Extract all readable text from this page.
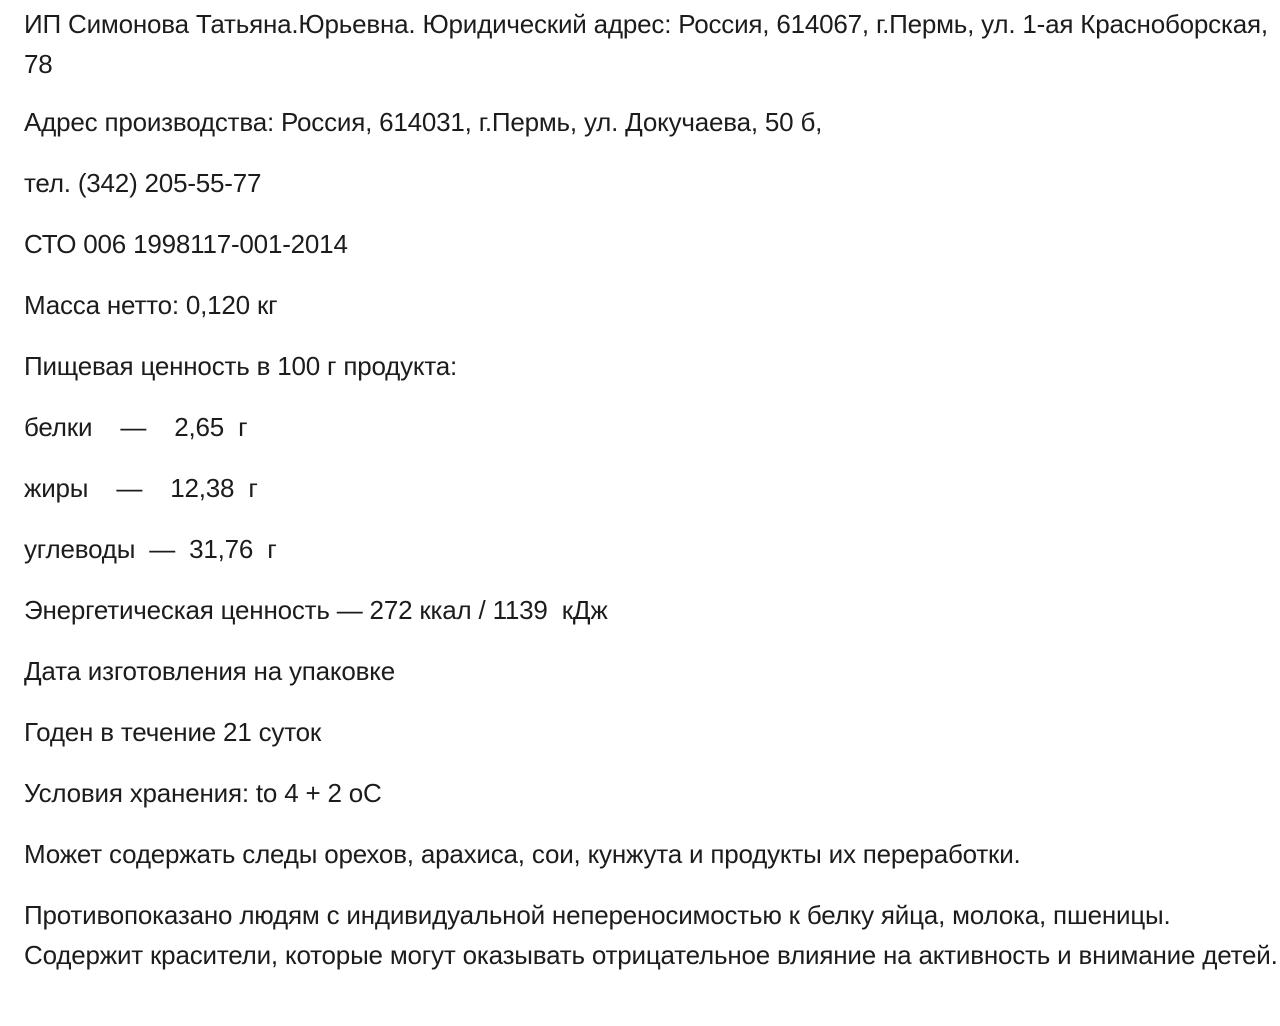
ИП Симонова Татьяна.Юрьевна. Юридический адрес: Россия, 614067, г.Пермь, ул. 1-ая Красноборская, 78

Адрес производства: Россия, 614031, г.Пермь, ул. Докучаева, 50 б,

тел. (342) 205-55-77

СТО 006 1998117-001-2014

Масса нетто: 0,120 кг

Пищевая ценность в 100 г продукта:

белки    —    2,65  г

жиры    —    12,38  г

углеводы  —  31,76  г

Энергетическая ценность — 272 ккал / 1139  кДж

Дата изготовления на упаковке

Годен в течение 21 суток

Условия хранения: to 4 + 2 oC

Может содержать следы орехов, арахиса, сои, кунжута и продукты их переработки.

Противопоказано людям с индивидуальной непереносимостью к белку яйца, молока, пшеницы. Содержит красители, которые могут оказывать отрицательное влияние на активность и внимание детей.
